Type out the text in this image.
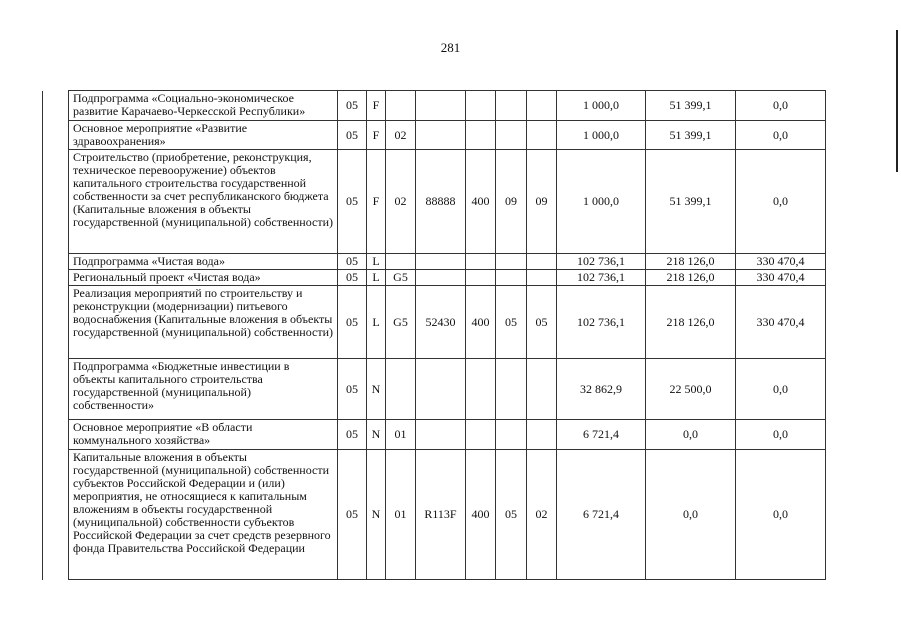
281
	Подпрограмма «Социально-экономическое развитие Карачаево-Черкесской Республики»	05	F						1 000,0	51 399,1	0,0
	Основное мероприятие «Развитие здравоохранения»	05	F	02					1 000,0	51 399,1	0,0
	Строительство (приобретение, реконструкция, техническое перевооружение) объектов капитального строительства государственной собственности за счет республиканского бюджета (Капитальные вложения в объекты государственной (муниципальной) собственности)	05	F	02	88888	400	09	09	1 000,0	51 399,1	0,0
	Подпрограмма «Чистая вода»	05	L						102 736,1	218 126,0	330 470,4
	Региональный проект «Чистая вода»	05	L	G5					102 736,1	218 126,0	330 470,4
	Реализация мероприятий по строительству и реконструкции (модернизации) питьевого водоснабжения (Капитальные вложения в объекты государственной (муниципальной) собственности)	05	L	G5	52430	400	05	05	102 736,1	218 126,0	330 470,4
	Подпрограмма «Бюджетные инвестиции в объекты капитального строительства государственной (муниципальной) собственности»	05	N						32 862,9	22 500,0	0,0
	Основное мероприятие «В области коммунального хозяйства»	05	N	01					6 721,4	0,0	0,0
	Капитальные вложения в объекты государственной (муниципальной) собственности субъектов Российской Федерации и (или) мероприятия, не относящиеся к капитальным вложениям в объекты государственной (муниципальной) собственности субъектов Российской Федерации за счет средств резервного фонда Правительства Российской Федерации	05	N	01	R113F	400	05	02	6 721,4	0,0	0,0
